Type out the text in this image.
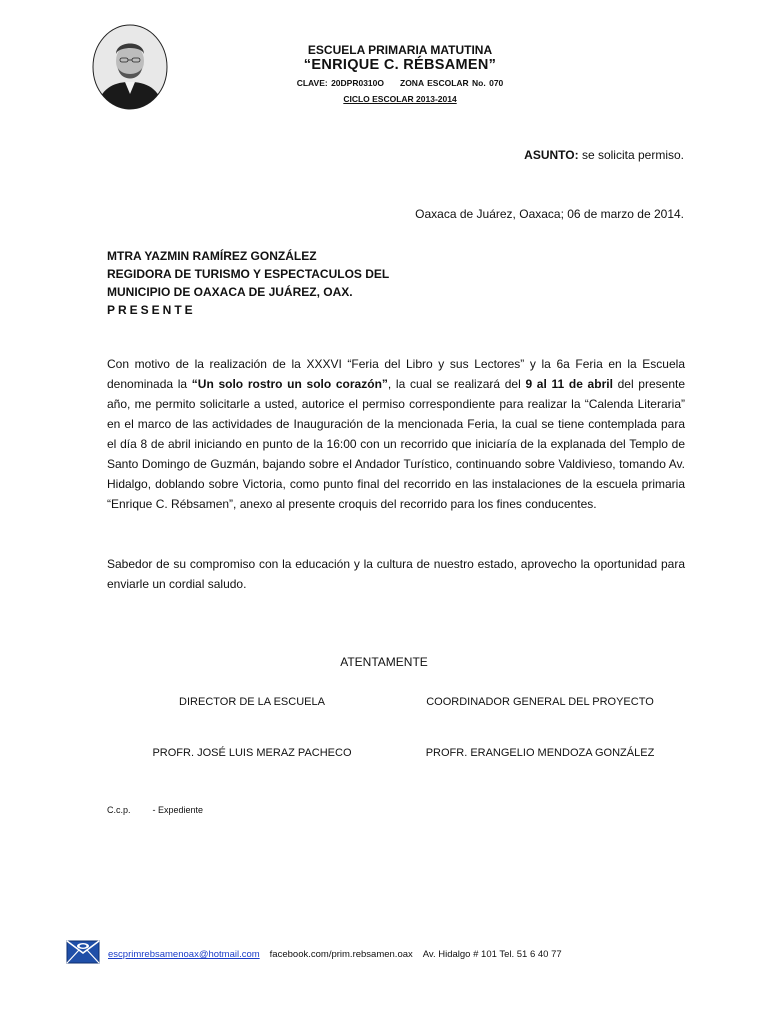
ESCUELA PRIMARIA MATUTINA
“ENRIQUE C. RÉBSAMEN”
CLAVE: 20DPR0310O ZONA ESCOLAR No. 070
CICLO ESCOLAR 2013-2014
ASUNTO: se solicita permiso.
Oaxaca de Juárez, Oaxaca; 06 de marzo de 2014.
MTRA YAZMIN RAMÍREZ GONZÁLEZ
REGIDORA DE TURISMO Y ESPECTACULOS DEL
MUNICIPIO DE OAXACA DE JUÁREZ, OAX.
PRESENTE
Con motivo de la realización de la XXXVI “Feria del Libro y sus Lectores” y la 6a Feria en la Escuela denominada la “Un solo rostro un solo corazón”, la cual se realizará del 9 al 11 de abril del presente año, me permito solicitarle a usted, autorice el permiso correspondiente para realizar la “Calenda Literaria” en el marco de las actividades de Inauguración de la mencionada Feria, la cual se tiene contemplada para el día 8 de abril iniciando en punto de la 16:00 con un recorrido que iniciaría de la explanada del Templo de Santo Domingo de Guzmán, bajando sobre el Andador Turístico, continuando sobre Valdivieso, tomando Av. Hidalgo, doblando sobre Victoria, como punto final del recorrido en las instalaciones de la escuela primaria “Enrique C. Rébsamen”, anexo al presente croquis del recorrido para los fines conducentes.
Sabedor de su compromiso con la educación y la cultura de nuestro estado, aprovecho la oportunidad para enviarle un cordial saludo.
ATENTAMENTE
DIRECTOR DE LA ESCUELA	COORDINADOR GENERAL DEL PROYECTO
PROFR. JOSÉ LUIS MERAZ PACHECO	PROFR. ERANGELIO MENDOZA GONZÁLEZ
C.c.p. - Expediente
escprimrebsamenoax@hotmail.com facebook.com/prim.rebsamen.oax Av. Hidalgo # 101 Tel. 51 6 40 77
